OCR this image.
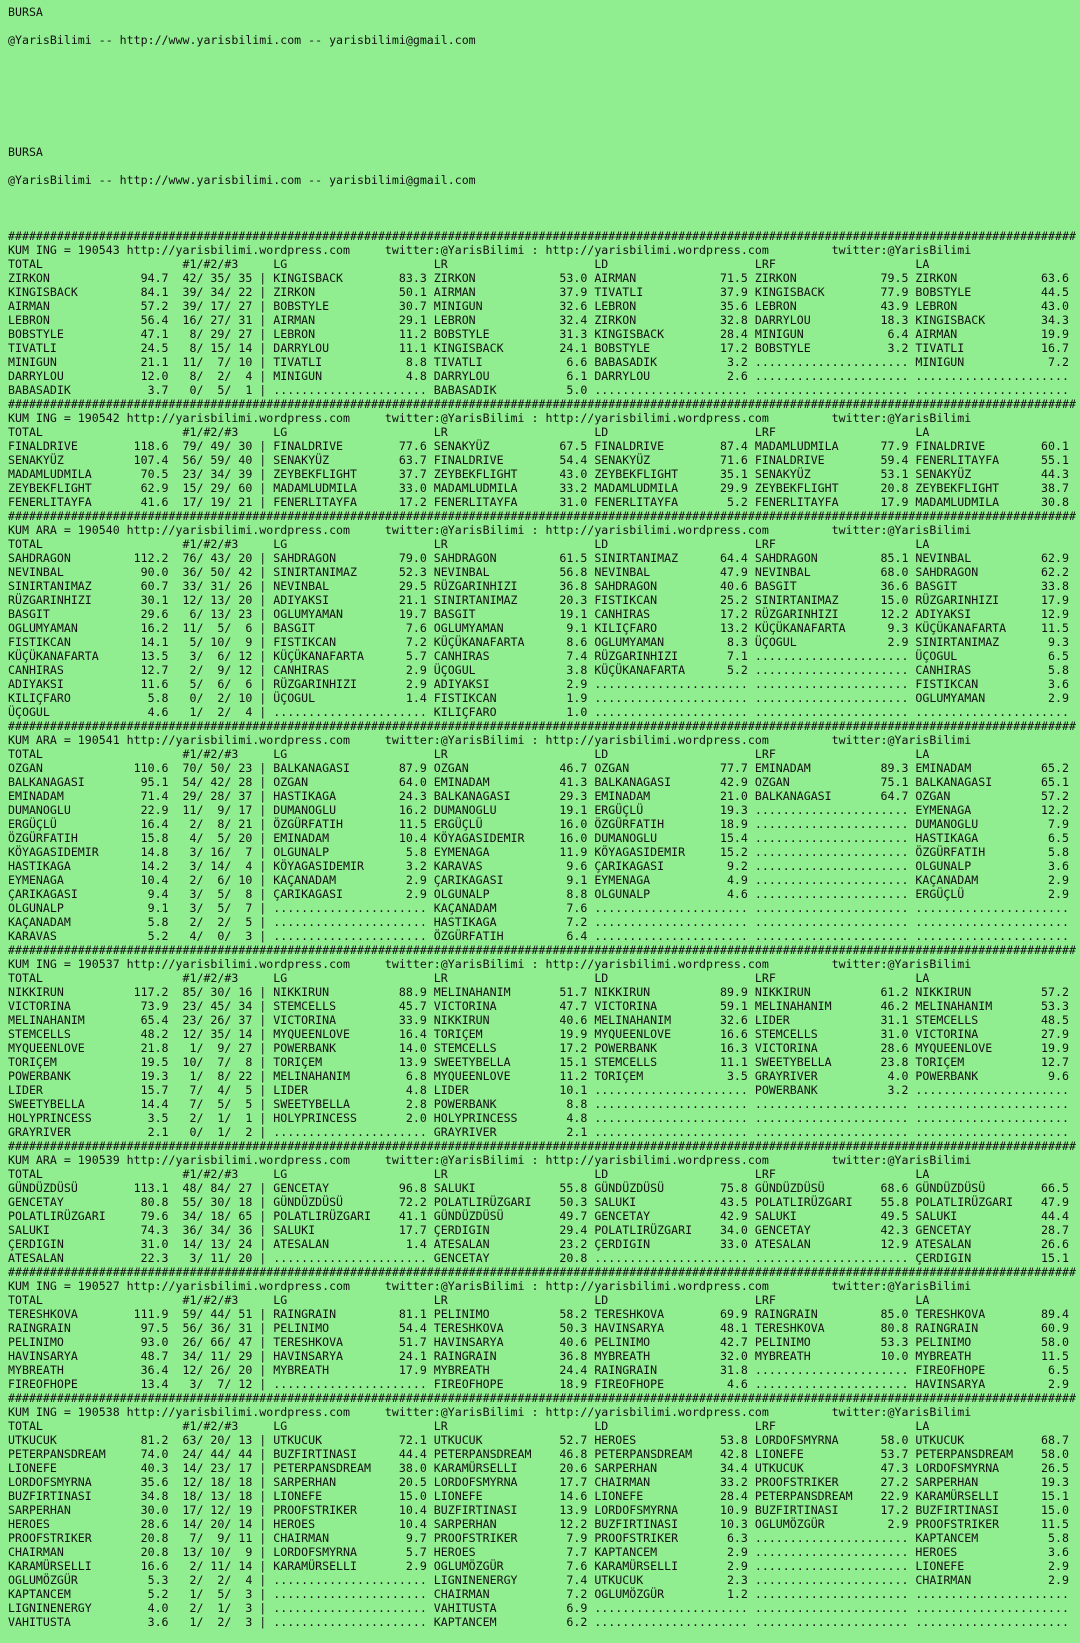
BURSA

@YarisBilimi -- http://www.yarisbilimi.com -- yarisbilimi@gmail.com

BURSA

@YarisBilimi -- http://www.yarisbilimi.com -- yarisbilimi@gmail.com

#########################################################################################################################################################
KUM ING = 190543 http://yarisbilimi.wordpress.com     twitter:@YarisBilimi : http://yarisbilimi.wordpress.com         twitter:@YarisBilimi
TOTAL                    #1/#2/#3     LG                     LR                     LD                     LRF                    LA
ZIRKON             94.7  42/ 35/ 35 | KINGISBACK        83.3 ZIRKON            53.0 AIRMAN            71.5 ZIRKON            79.5 ZIRKON            63.6
KINGISBACK         84.1  39/ 34/ 22 | ZIRKON            50.1 AIRMAN            37.9 TIVATLI           37.9 KINGISBACK        77.9 BOBSTYLE          44.5
AIRMAN             57.2  39/ 17/ 27 | BOBSTYLE          30.7 MINIGUN           32.6 LEBRON            35.6 LEBRON            43.9 LEBRON            43.0
LEBRON             56.4  16/ 27/ 31 | AIRMAN            29.1 LEBRON            32.4 ZIRKON            32.8 DARRYLOU          18.3 KINGISBACK        34.3
BOBSTYLE           47.1   8/ 29/ 27 | LEBRON            11.2 BOBSTYLE          31.3 KINGISBACK        28.4 MINIGUN            6.4 AIRMAN            19.9
TIVATLI            24.5   8/ 15/ 14 | DARRYLOU          11.1 KINGISBACK        24.1 BOBSTYLE          17.2 BOBSTYLE           3.2 TIVATLI           16.7
MINIGUN            21.1  11/  7/ 10 | TIVATLI            8.8 TIVATLI            6.6 BABASADIK          3.2 ...................... MINIGUN            7.2
DARRYLOU           12.0   8/  2/  4 | MINIGUN            4.8 DARRYLOU           6.1 DARRYLOU           2.6 ...................... ......................
BABASADIK           3.7   0/  5/  1 | ...................... BABASADIK          5.0 ...................... ...................... ......................
#########################################################################################################################################################
KUM ING = 190542 http://yarisbilimi.wordpress.com     twitter:@YarisBilimi : http://yarisbilimi.wordpress.com         twitter:@YarisBilimi
TOTAL                    #1/#2/#3     LG                     LR                     LD                     LRF                    LA
FINALDRIVE        118.6  79/ 49/ 30 | FINALDRIVE        77.6 SENAKYÜZ          67.5 FINALDRIVE        87.4 MADAMLUDMILA      77.9 FINALDRIVE        60.1
SENAKYÜZ          107.4  56/ 59/ 40 | SENAKYÜZ          63.7 FINALDRIVE        54.4 SENAKYÜZ          71.6 FINALDRIVE        59.4 FENERLITAYFA      55.1
MADAMLUDMILA       70.5  23/ 34/ 39 | ZEYBEKFLIGHT      37.7 ZEYBEKFLIGHT      43.0 ZEYBEKFLIGHT      35.1 SENAKYÜZ          53.1 SENAKYÜZ          44.3
ZEYBEKFLIGHT       62.9  15/ 29/ 60 | MADAMLUDMILA      33.0 MADAMLUDMILA      33.2 MADAMLUDMILA      29.9 ZEYBEKFLIGHT      20.8 ZEYBEKFLIGHT      38.7
FENERLITAYFA       41.6  17/ 19/ 21 | FENERLITAYFA      17.2 FENERLITAYFA      31.0 FENERLITAYFA       5.2 FENERLITAYFA      17.9 MADAMLUDMILA      30.8
#########################################################################################################################################################
KUM ARA = 190540 http://yarisbilimi.wordpress.com     twitter:@YarisBilimi : http://yarisbilimi.wordpress.com         twitter:@YarisBilimi
TOTAL                    #1/#2/#3     LG                     LR                     LD                     LRF                    LA
SAHDRAGON         112.2  76/ 43/ 20 | SAHDRAGON         79.0 SAHDRAGON         61.5 SINIRTANIMAZ      64.4 SAHDRAGON         85.1 NEVINBAL          62.9
NEVINBAL           90.0  36/ 50/ 42 | SINIRTANIMAZ      52.3 NEVINBAL          56.8 NEVINBAL          47.9 NEVINBAL          68.0 SAHDRAGON         62.2
SINIRTANIMAZ       60.7  33/ 31/ 26 | NEVINBAL          29.5 RÜZGARINHIZI      36.8 SAHDRAGON         40.6 BASGIT            36.6 BASGIT            33.8
RÜZGARINHIZI       30.1  12/ 13/ 20 | ADIYAKSI          21.1 SINIRTANIMAZ      20.3 FISTIKCAN         25.2 SINIRTANIMAZ      15.0 RÜZGARINHIZI      17.9
BASGIT             29.6   6/ 13/ 23 | OGLUMYAMAN        19.7 BASGIT            19.1 CANHIRAS          17.2 RÜZGARINHIZI      12.2 ADIYAKSI          12.9
OGLUMYAMAN         16.2  11/  5/  6 | BASGIT             7.6 OGLUMYAMAN         9.1 KILIÇFARO         13.2 KÜÇÜKANAFARTA      9.3 KÜÇÜKANAFARTA     11.5
FISTIKCAN          14.1   5/ 10/  9 | FISTIKCAN          7.2 KÜÇÜKANAFARTA      8.6 OGLUMYAMAN         8.3 ÜÇOGUL             2.9 SINIRTANIMAZ       9.3
KÜÇÜKANAFARTA      13.5   3/  6/ 12 | KÜÇÜKANAFARTA      5.7 CANHIRAS           7.4 RÜZGARINHIZI       7.1 ...................... ÜÇOGUL             6.5
CANHIRAS           12.7   2/  9/ 12 | CANHIRAS           2.9 ÜÇOGUL             3.8 KÜÇÜKANAFARTA      5.2 ...................... CANHIRAS           5.8
ADIYAKSI           11.6   5/  6/  6 | RÜZGARINHIZI       2.9 ADIYAKSI           2.9 ...................... ...................... FISTIKCAN          3.6
KILIÇFARO           5.8   0/  2/ 10 | ÜÇOGUL             1.4 FISTIKCAN          1.9 ...................... ...................... OGLUMYAMAN         2.9
ÜÇOGUL              4.6   1/  2/  4 | ...................... KILIÇFARO          1.0 ...................... ...................... ......................
#########################################################################################################################################################
KUM ARA = 190541 http://yarisbilimi.wordpress.com     twitter:@YarisBilimi : http://yarisbilimi.wordpress.com         twitter:@YarisBilimi
TOTAL                    #1/#2/#3     LG                     LR                     LD                     LRF                    LA
OZGAN             110.6  70/ 50/ 23 | BALKANAGASI       87.9 OZGAN             46.7 OZGAN             77.7 EMINADAM          89.3 EMINADAM          65.2
BALKANAGASI        95.1  54/ 42/ 28 | OZGAN             64.0 EMINADAM          41.3 BALKANAGASI       42.9 OZGAN             75.1 BALKANAGASI       65.1
EMINADAM           71.4  29/ 28/ 37 | HASTIKAGA         24.3 BALKANAGASI       29.3 EMINADAM          21.0 BALKANAGASI       64.7 OZGAN             57.2
DUMANOGLU          22.9  11/  9/ 17 | DUMANOGLU         16.2 DUMANOGLU         19.1 ERGÜÇLÜ           19.3 ...................... EYMENAGA          12.2
ERGÜÇLÜ            16.4   2/  8/ 21 | ÖZGÜRFATIH        11.5 ERGÜÇLÜ           16.0 ÖZGÜRFATIH        18.9 ...................... DUMANOGLU          7.9
ÖZGÜRFATIH         15.8   4/  5/ 20 | EMINADAM          10.4 KÖYAGASIDEMIR     16.0 DUMANOGLU         15.4 ...................... HASTIKAGA          6.5
KÖYAGASIDEMIR      14.8   3/ 16/  7 | OLGUNALP           5.8 EYMENAGA          11.9 KÖYAGASIDEMIR     15.2 ...................... ÖZGÜRFATIH         5.8
HASTIKAGA          14.2   3/ 14/  4 | KÖYAGASIDEMIR      3.2 KARAVAS            9.6 ÇARIKAGASI         9.2 ...................... OLGUNALP           3.6
EYMENAGA           10.4   2/  6/ 10 | KAÇANADAM          2.9 ÇARIKAGASI         9.1 EYMENAGA           4.9 ...................... KAÇANADAM          2.9
ÇARIKAGASI          9.4   3/  5/  8 | ÇARIKAGASI         2.9 OLGUNALP           8.8 OLGUNALP           4.6 ...................... ERGÜÇLÜ            2.9
OLGUNALP            9.1   3/  5/  7 | ...................... KAÇANADAM          7.6 ...................... ...................... ......................
KAÇANADAM           5.8   2/  2/  5 | ...................... HASTIKAGA          7.2 ...................... ...................... ......................
KARAVAS             5.2   4/  0/  3 | ...................... ÖZGÜRFATIH         6.4 ...................... ...................... ......................
#########################################################################################################################################################
KUM ING = 190537 http://yarisbilimi.wordpress.com     twitter:@YarisBilimi : http://yarisbilimi.wordpress.com         twitter:@YarisBilimi
TOTAL                    #1/#2/#3     LG                     LR                     LD                     LRF                    LA
NIKKIRUN          117.2  85/ 30/ 16 | NIKKIRUN          88.9 MELINAHANIM       51.7 NIKKIRUN          89.9 NIKKIRUN          61.2 NIKKIRUN          57.2
VICTORINA          73.9  23/ 45/ 34 | STEMCELLS         45.7 VICTORINA         47.7 VICTORINA         59.1 MELINAHANIM       46.2 MELINAHANIM       53.3
MELINAHANIM        65.4  23/ 26/ 37 | VICTORINA         33.9 NIKKIRUN          40.6 MELINAHANIM       32.6 LIDER             31.1 STEMCELLS         48.5
STEMCELLS          48.2  12/ 35/ 14 | MYQUEENLOVE       16.4 TORIÇEM           19.9 MYQUEENLOVE       16.6 STEMCELLS         31.0 VICTORINA         27.9
MYQUEENLOVE        21.8   1/  9/ 27 | POWERBANK         14.0 STEMCELLS         17.2 POWERBANK         16.3 VICTORINA         28.6 MYQUEENLOVE       19.9
TORIÇEM            19.5  10/  7/  8 | TORIÇEM           13.9 SWEETYBELLA       15.1 STEMCELLS         11.1 SWEETYBELLA       23.8 TORIÇEM           12.7
POWERBANK          19.3   1/  8/ 22 | MELINAHANIM        6.8 MYQUEENLOVE       11.2 TORIÇEM            3.5 GRAYRIVER          4.0 POWERBANK          9.6
LIDER              15.7   7/  4/  5 | LIDER              4.8 LIDER             10.1 ...................... POWERBANK          3.2 ......................
SWEETYBELLA        14.4   7/  5/  5 | SWEETYBELLA        2.8 POWERBANK          8.8 ...................... ...................... ......................
HOLYPRINCESS        3.5   2/  1/  1 | HOLYPRINCESS       2.0 HOLYPRINCESS       4.8 ...................... ...................... ......................
GRAYRIVER           2.1   0/  1/  2 | ...................... GRAYRIVER          2.1 ...................... ...................... ......................
#########################################################################################################################################################
KUM ARA = 190539 http://yarisbilimi.wordpress.com     twitter:@YarisBilimi : http://yarisbilimi.wordpress.com         twitter:@YarisBilimi
TOTAL                    #1/#2/#3     LG                     LR                     LD                     LRF                    LA
GÜNDÜZDÜSÜ        113.1  48/ 84/ 27 | GENCETAY          96.8 SALUKI            55.8 GÜNDÜZDÜSÜ        75.8 GÜNDÜZDÜSÜ        68.6 GÜNDÜZDÜSÜ        66.5
GENCETAY           80.8  55/ 30/ 18 | GÜNDÜZDÜSÜ        72.2 POLATLIRÜZGARI    50.3 SALUKI            43.5 POLATLIRÜZGARI    55.8 POLATLIRÜZGARI    47.9
POLATLIRÜZGARI     79.6  34/ 18/ 65 | POLATLIRÜZGARI    41.1 GÜNDÜZDÜSÜ        49.7 GENCETAY          42.9 SALUKI            49.5 SALUKI            44.4
SALUKI             74.3  36/ 34/ 36 | SALUKI            17.7 ÇERDIGIN          29.4 POLATLIRÜZGARI    34.0 GENCETAY          42.3 GENCETAY          28.7
ÇERDIGIN           31.0  14/ 13/ 24 | ATESALAN           1.4 ATESALAN          23.2 ÇERDIGIN          33.0 ATESALAN          12.9 ATESALAN          26.6
ATESALAN           22.3   3/ 11/ 20 | ...................... GENCETAY          20.8 ...................... ...................... ÇERDIGIN          15.1
#########################################################################################################################################################
KUM ING = 190527 http://yarisbilimi.wordpress.com     twitter:@YarisBilimi : http://yarisbilimi.wordpress.com         twitter:@YarisBilimi
TOTAL                    #1/#2/#3     LG                     LR                     LD                     LRF                    LA
TERESHKOVA        111.9  59/ 44/ 51 | RAINGRAIN         81.1 PELINIMO          58.2 TERESHKOVA        69.9 RAINGRAIN         85.0 TERESHKOVA        89.4
RAINGRAIN          97.5  56/ 36/ 31 | PELINIMO          54.4 TERESHKOVA        50.3 HAVINSARYA        48.1 TERESHKOVA        80.8 RAINGRAIN         60.9
PELINIMO           93.0  26/ 66/ 47 | TERESHKOVA        51.7 HAVINSARYA        40.6 PELINIMO          42.7 PELINIMO          53.3 PELINIMO          58.0
HAVINSARYA         48.7  34/ 11/ 29 | HAVINSARYA        24.1 RAINGRAIN         36.8 MYBREATH          32.0 MYBREATH          10.0 MYBREATH          11.5
MYBREATH           36.4  12/ 26/ 20 | MYBREATH          17.9 MYBREATH          24.4 RAINGRAIN         31.8 ...................... FIREOFHOPE         6.5
FIREOFHOPE         13.4   3/  7/ 12 | ...................... FIREOFHOPE        18.9 FIREOFHOPE         4.6 ...................... HAVINSARYA         2.9
#########################################################################################################################################################
KUM ING = 190538 http://yarisbilimi.wordpress.com     twitter:@YarisBilimi : http://yarisbilimi.wordpress.com         twitter:@YarisBilimi
TOTAL                    #1/#2/#3     LG                     LR                     LD                     LRF                    LA
UTKUCUK            81.2  63/ 20/ 13 | UTKUCUK           72.1 UTKUCUK           52.7 HEROES            53.8 LORDOFSMYRNA      58.0 UTKUCUK           68.7
PETERPANSDREAM     74.0  24/ 44/ 44 | BUZFIRTINASI      44.4 PETERPANSDREAM    46.8 PETERPANSDREAM    42.8 LIONEFE           53.7 PETERPANSDREAM    58.0
LIONEFE            40.3  14/ 23/ 17 | PETERPANSDREAM    38.0 KARAMÜRSELLI      20.6 SARPERHAN         34.4 UTKUCUK           47.3 LORDOFSMYRNA      26.5
LORDOFSMYRNA       35.6  12/ 18/ 18 | SARPERHAN         20.5 LORDOFSMYRNA      17.7 CHAIRMAN          33.2 PROOFSTRIKER      27.2 SARPERHAN         19.3
BUZFIRTINASI       34.8  18/ 13/ 18 | LIONEFE           15.0 LIONEFE           14.6 LIONEFE           28.4 PETERPANSDREAM    22.9 KARAMÜRSELLI      15.1
SARPERHAN          30.0  17/ 12/ 19 | PROOFSTRIKER      10.4 BUZFIRTINASI      13.9 LORDOFSMYRNA      10.9 BUZFIRTINASI      17.2 BUZFIRTINASI      15.0
HEROES             28.6  14/ 20/ 14 | HEROES            10.4 SARPERHAN         12.2 BUZFIRTINASI      10.3 OGLUMÖZGÜR         2.9 PROOFSTRIKER      11.5
PROOFSTRIKER       20.8   7/  9/ 11 | CHAIRMAN           9.7 PROOFSTRIKER       7.9 PROOFSTRIKER       6.3 ...................... KAPTANCEM          5.8
CHAIRMAN           20.8  13/ 10/  9 | LORDOFSMYRNA       5.7 HEROES             7.7 KAPTANCEM          2.9 ...................... HEROES             3.6
KARAMÜRSELLI       16.6   2/ 11/ 14 | KARAMÜRSELLI       2.9 OGLUMÖZGÜR         7.6 KARAMÜRSELLI       2.9 ...................... LIONEFE            2.9
OGLUMÖZGÜR          5.3   2/  2/  4 | ...................... LIGNINENERGY       7.4 UTKUCUK            2.3 ...................... CHAIRMAN           2.9
KAPTANCEM           5.2   1/  5/  3 | ...................... CHAIRMAN           7.2 OGLUMÖZGÜR         1.2 ...................... ......................
LIGNINENERGY        4.0   2/  1/  3 | ...................... VAHITUSTA          6.9 ...................... ...................... ......................
VAHITUSTA           3.6   1/  2/  3 | ...................... KAPTANCEM          6.2 ...................... ...................... ......................
